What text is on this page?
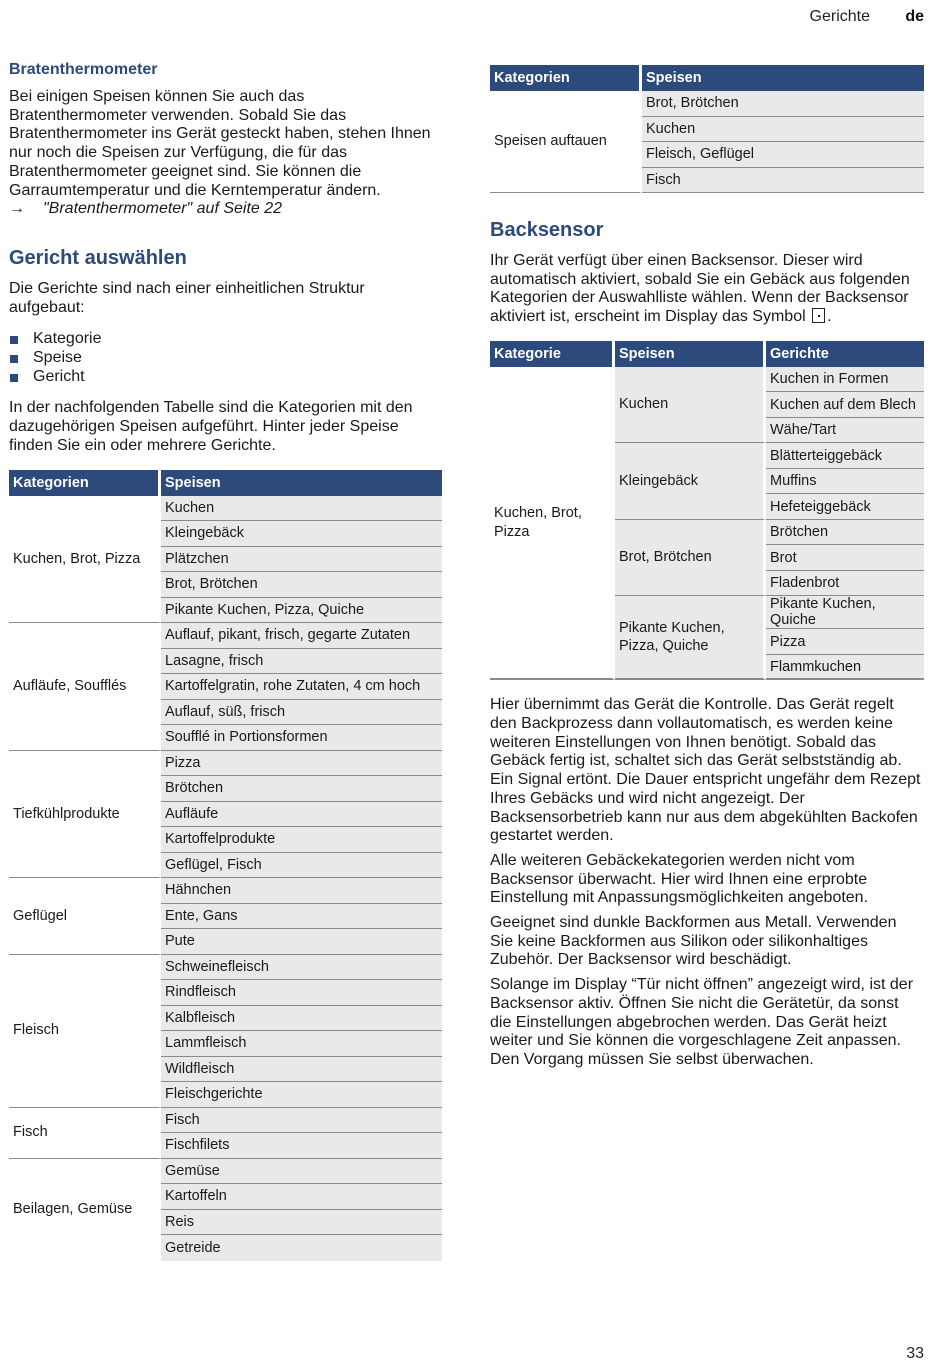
Gerichte de
Bratenthermometer
Bei einigen Speisen können Sie auch das Bratenthermometer verwenden. Sobald Sie das Bratenthermometer ins Gerät gesteckt haben, stehen Ihnen nur noch die Speisen zur Verfügung, die für das Bratenthermometer geeignet sind. Sie können die Garraumtemperatur und die Kerntemperatur ändern.
→ "Bratenthermometer" auf Seite 22
Gericht auswählen
Die Gerichte sind nach einer einheitlichen Struktur aufgebaut:
Kategorie
Speise
Gericht
In der nachfolgenden Tabelle sind die Kategorien mit den dazugehörigen Speisen aufgeführt. Hinter jeder Speise finden Sie ein oder mehrere Gerichte.
Kategorien	Speisen
Kuchen, Brot, Pizza	Kuchen
	Kleingebäck
	Plätzchen
	Brot, Brötchen
	Pikante Kuchen, Pizza, Quiche
Aufläufe, Soufflés	Auflauf, pikant, frisch, gegarte Zutaten
	Lasagne, frisch
	Kartoffelgratin, rohe Zutaten, 4 cm hoch
	Auflauf, süß, frisch
	Soufflé in Portionsformen
Tiefkühlprodukte	Pizza
	Brötchen
	Aufläufe
	Kartoffelprodukte
	Geflügel, Fisch
Geflügel	Hähnchen
	Ente, Gans
	Pute
Fleisch	Schweinefleisch
	Rindfleisch
	Kalbfleisch
	Lammfleisch
	Wildfleisch
	Fleischgerichte
Fisch	Fisch
	Fischfilets
Beilagen, Gemüse	Gemüse
	Kartoffeln
	Reis
	Getreide
Kategorien	Speisen
Speisen auftauen	Brot, Brötchen
	Kuchen
	Fleisch, Geflügel
	Fisch
Backsensor
Ihr Gerät verfügt über einen Backsensor. Dieser wird automatisch aktiviert, sobald Sie ein Gebäck aus folgenden Kategorien der Auswahlliste wählen. Wenn der Backsensor aktiviert ist, erscheint im Display das Symbol .
Kategorie	Speisen	Gerichte
Kuchen, Brot, Pizza	Kuchen	Kuchen in Formen
		Kuchen auf dem Blech
		Wähe/Tart
	Kleingebäck	Blätterteiggebäck
		Muffins
		Hefeteiggebäck
	Brot, Brötchen	Brötchen
		Brot
		Fladenbrot
	Pikante Kuchen, Pizza, Quiche	Pikante Kuchen, Quiche
		Pizza
		Flammkuchen
Hier übernimmt das Gerät die Kontrolle. Das Gerät regelt den Backprozess dann vollautomatisch, es werden keine weiteren Einstellungen von Ihnen benötigt. Sobald das Gebäck fertig ist, schaltet sich das Gerät selbstständig ab. Ein Signal ertönt. Die Dauer entspricht ungefähr dem Rezept Ihres Gebäcks und wird nicht angezeigt. Der Backsensorbetrieb kann nur aus dem abgekühlten Backofen gestartet werden.
Alle weiteren Gebäckekategorien werden nicht vom Backsensor überwacht. Hier wird Ihnen eine erprobte Einstellung mit Anpassungsmöglichkeiten angeboten.
Geeignet sind dunkle Backformen aus Metall. Verwenden Sie keine Backformen aus Silikon oder silikonhaltiges Zubehör. Der Backsensor wird beschädigt.
Solange im Display “Tür nicht öffnen” angezeigt wird, ist der Backsensor aktiv. Öffnen Sie nicht die Gerätetür, da sonst die Einstellungen abgebrochen werden. Das Gerät heizt weiter und Sie können die vorgeschlagene Zeit anpassen. Den Vorgang müssen Sie selbst überwachen.
33
